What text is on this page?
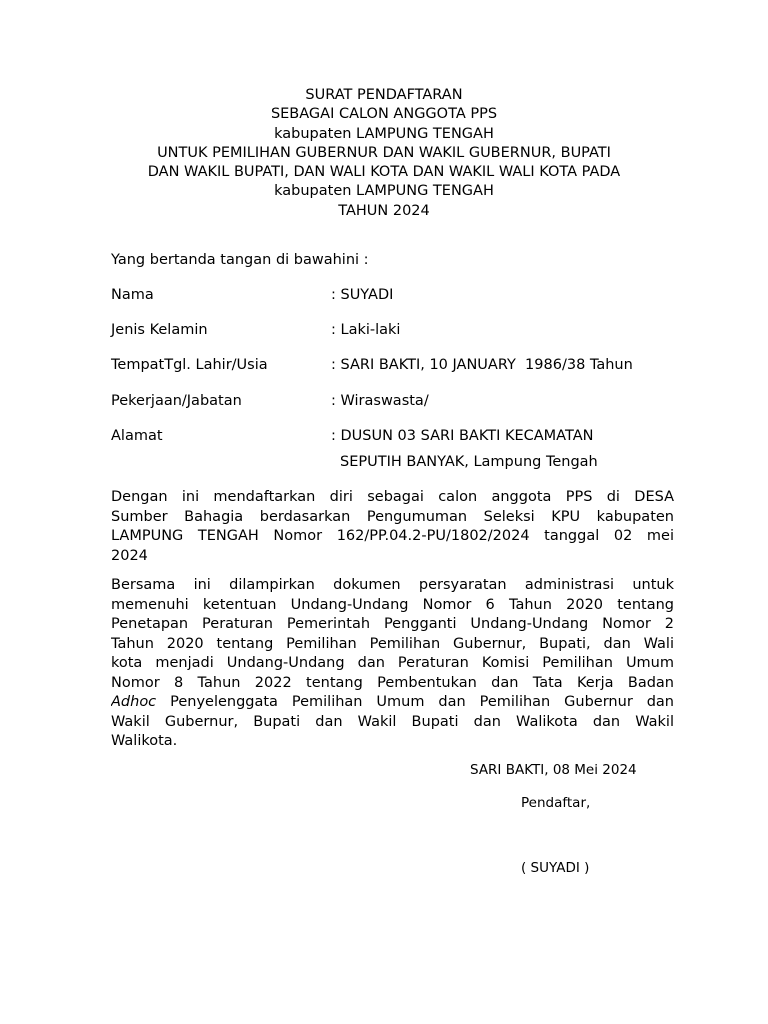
SURAT PENDAFTARAN
SEBAGAI CALON ANGGOTA PPS
kabupaten LAMPUNG TENGAH
UNTUK PEMILIHAN GUBERNUR DAN WAKIL GUBERNUR, BUPATI
DAN WAKIL BUPATI, DAN WALI KOTA DAN WAKIL WALI KOTA PADA
kabupaten LAMPUNG TENGAH
TAHUN 2024
Yang bertanda tangan di bawahini :
Nama	: SUYADI
Jenis Kelamin	: Laki-laki
TempatTgl. Lahir/Usia	: SARI BAKTI, 10 JANUARY  1986/38 Tahun
Pekerjaan/Jabatan	: Wiraswasta/
Alamat	: DUSUN 03 SARI BAKTI KECAMATAN
SEPUTIH BANYAK, Lampung Tengah
Dengan ini mendaftarkan diri sebagai calon anggota PPS di DESA
Sumber Bahagia berdasarkan Pengumuman Seleksi KPU kabupaten
LAMPUNG TENGAH Nomor 162/PP.04.2-PU/1802/2024 tanggal 02 mei
2024
Bersama ini dilampirkan dokumen persyaratan administrasi untuk
memenuhi ketentuan Undang-Undang Nomor 6 Tahun 2020 tentang
Penetapan Peraturan Pemerintah Pengganti Undang-Undang Nomor 2
Tahun 2020 tentang Pemilihan Pemilihan Gubernur, Bupati, dan Wali
kota menjadi Undang-Undang dan Peraturan Komisi Pemilihan Umum
Nomor 8 Tahun 2022 tentang Pembentukan dan Tata Kerja Badan
Adhoc Penyelenggata Pemilihan Umum dan Pemilihan Gubernur dan
Wakil Gubernur, Bupati dan Wakil Bupati dan Walikota dan Wakil
Walikota.
SARI BAKTI, 08 Mei 2024
Pendaftar,
( SUYADI )
